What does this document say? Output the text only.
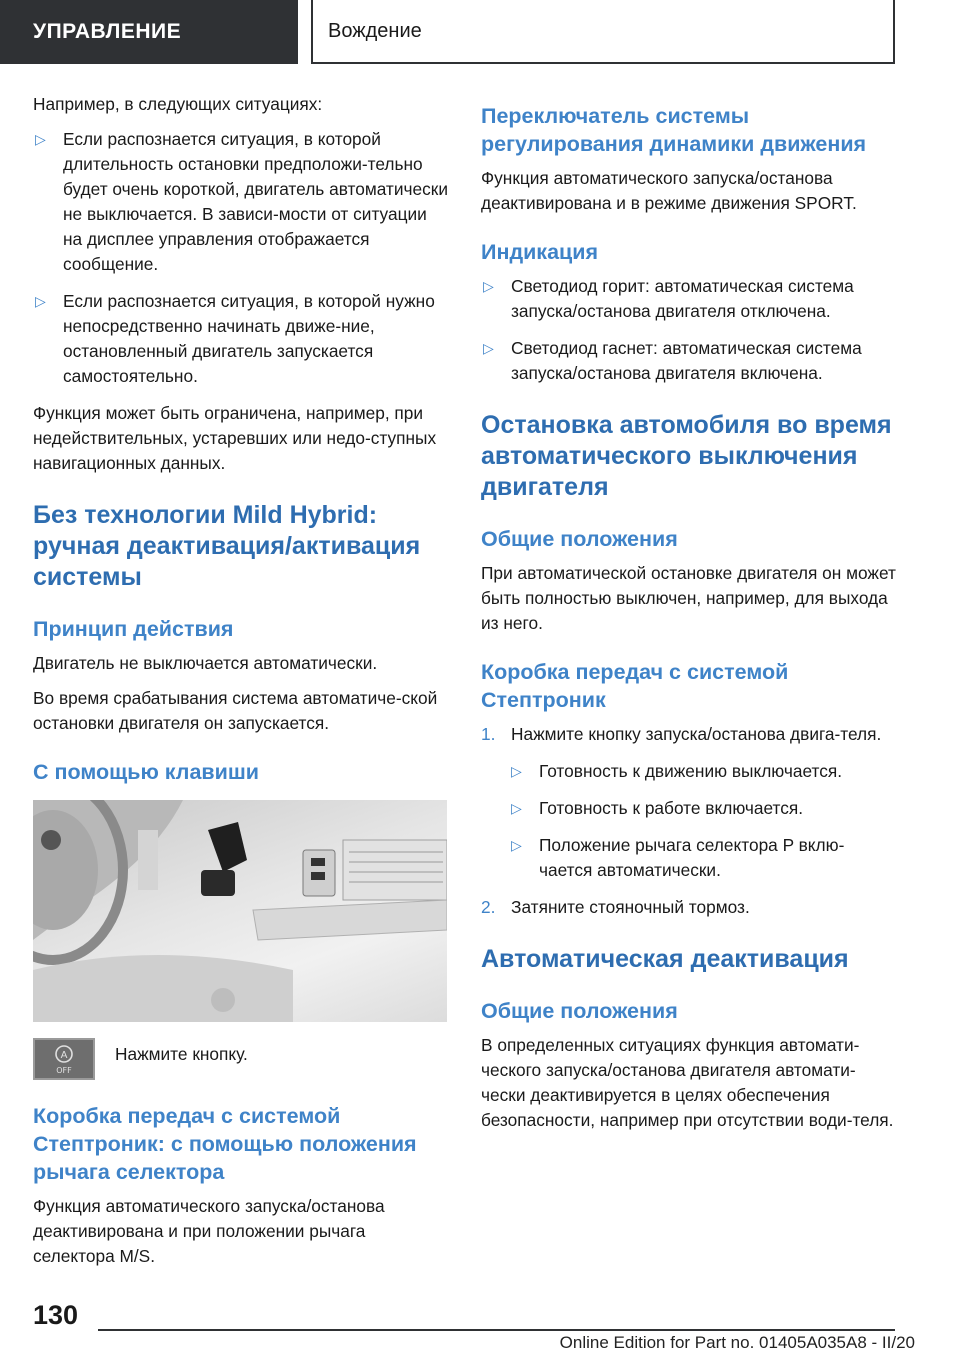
УПРАВЛЕНИЕ	Вождение

Например, в следующих ситуациях:

▷ Если распознается ситуация, в которой длительность остановки предположи-тельно будет очень короткой, двигатель автоматически не выключается. В зависи-мости от ситуации на дисплее управления отображается сообщение.
▷ Если распознается ситуация, в которой нужно непосредственно начинать движе-ние, остановленный двигатель запускается самостоятельно.

Функция может быть ограничена, например, при недействительных, устаревших или недо-ступных навигационных данных.

Без технологии Mild Hybrid: ручная деактивация/активация системы
Принцип действия

Двигатель не выключается автоматически.

Во время срабатывания система автоматиче-ской остановки двигателя он запускается.

С помощью клавиши
A
OFF

Нажмите кнопку.

Коробка передач с системой Стептроник: с помощью положения рычага селектора

Функция автоматического запуска/останова деактивирована и при положении рычага селектора M/S.

Переключатель системы регулирования динамики движения

Функция автоматического запуска/останова деактивирована и в режиме движения SPORT.

Индикация
▷ Светодиод горит: автоматическая система запуска/останова двигателя отключена.
▷ Светодиод гаснет: автоматическая система запуска/останова двигателя включена.
Остановка автомобиля во время автоматического выключения двигателя
Общие положения

При автоматической остановке двигателя он может быть полностью выключен, например, для выхода из него.

Коробка передач с системой Стептроник
1. Нажмите кнопку запуска/останова двига-теля.
▷ Готовность к движению выключается.
▷ Готовность к работе включается.
▷ Положение рычага селектора P вклю-чается автоматически.
2. Затяните стояночный тормоз.
Автоматическая деактивация
Общие положения

В определенных ситуациях функция автомати-ческого запуска/останова двигателя автомати-чески деактивируется в целях обеспечения безопасности, например при отсутствии води-теля.

130
Online Edition for Part no. 01405A035A8 - II/20
